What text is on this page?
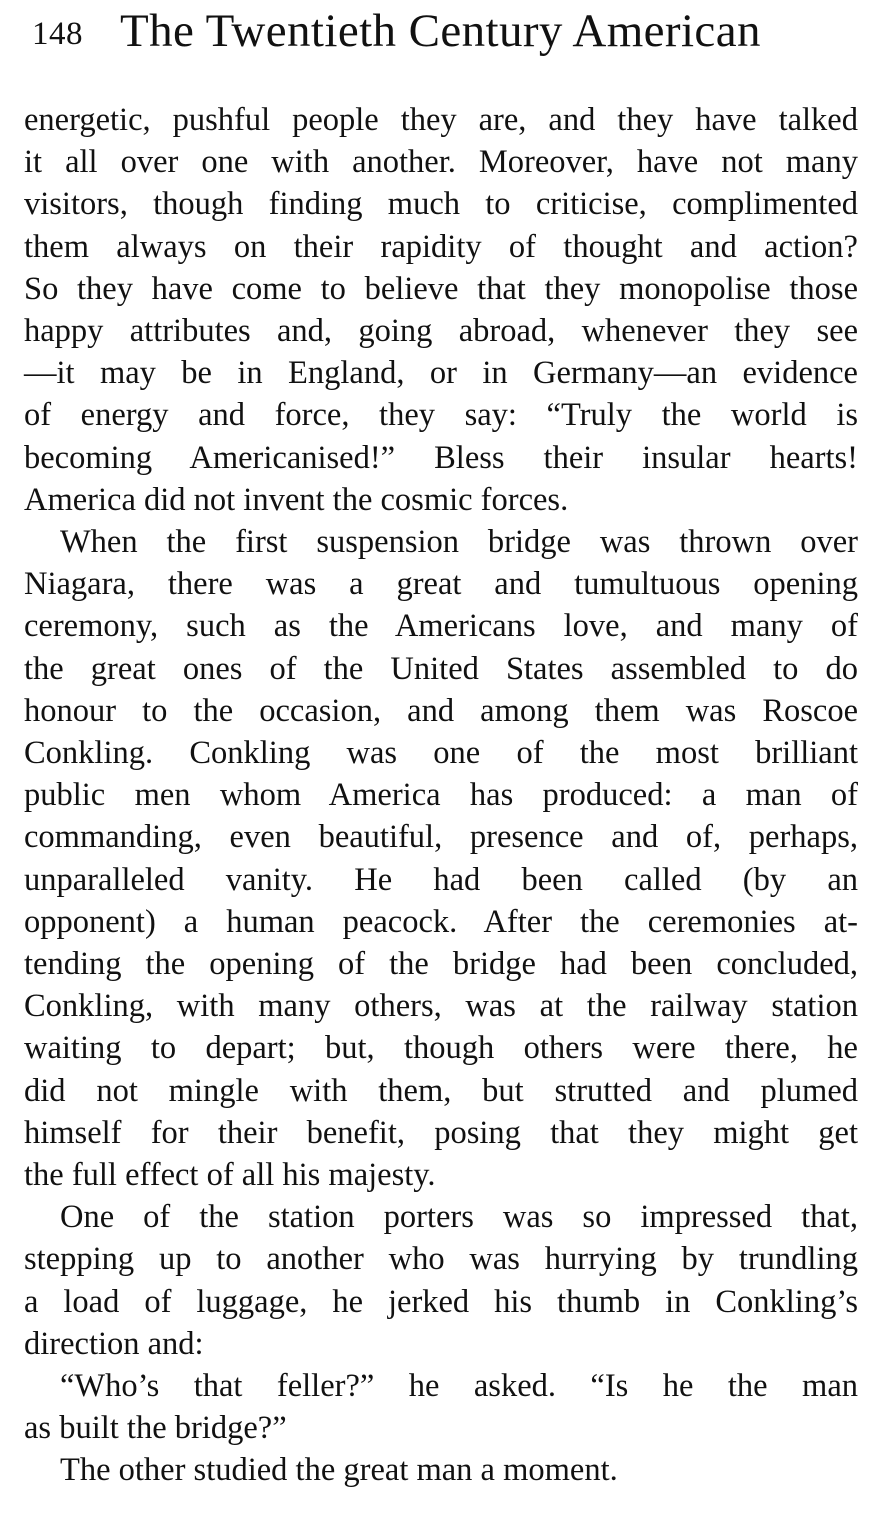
148 The Twentieth Century American
energetic, pushful people they are, and they have talked
it all over one with another. Moreover, have not many
visitors, though finding much to criticise, complimented
them always on their rapidity of thought and action?
So they have come to believe that they monopolise those
happy attributes and, going abroad, whenever they see
—it may be in England, or in Germany—an evidence
of energy and force, they say: “Truly the world is
becoming Americanised!” Bless their insular hearts!
America did not invent the cosmic forces.
When the first suspension bridge was thrown over
Niagara, there was a great and tumultuous opening
ceremony, such as the Americans love, and many of
the great ones of the United States assembled to do
honour to the occasion, and among them was Roscoe
Conkling. Conkling was one of the most brilliant
public men whom America has produced: a man of
commanding, even beautiful, presence and of, perhaps,
unparalleled vanity. He had been called (by an
opponent) a human peacock. After the ceremonies at-
tending the opening of the bridge had been concluded,
Conkling, with many others, was at the railway station
waiting to depart; but, though others were there, he
did not mingle with them, but strutted and plumed
himself for their benefit, posing that they might get
the full effect of all his majesty.
One of the station porters was so impressed that,
stepping up to another who was hurrying by trundling
a load of luggage, he jerked his thumb in Conkling’s
direction and:
“Who’s that feller?” he asked. “Is he the man
as built the bridge?”
The other studied the great man a moment.
